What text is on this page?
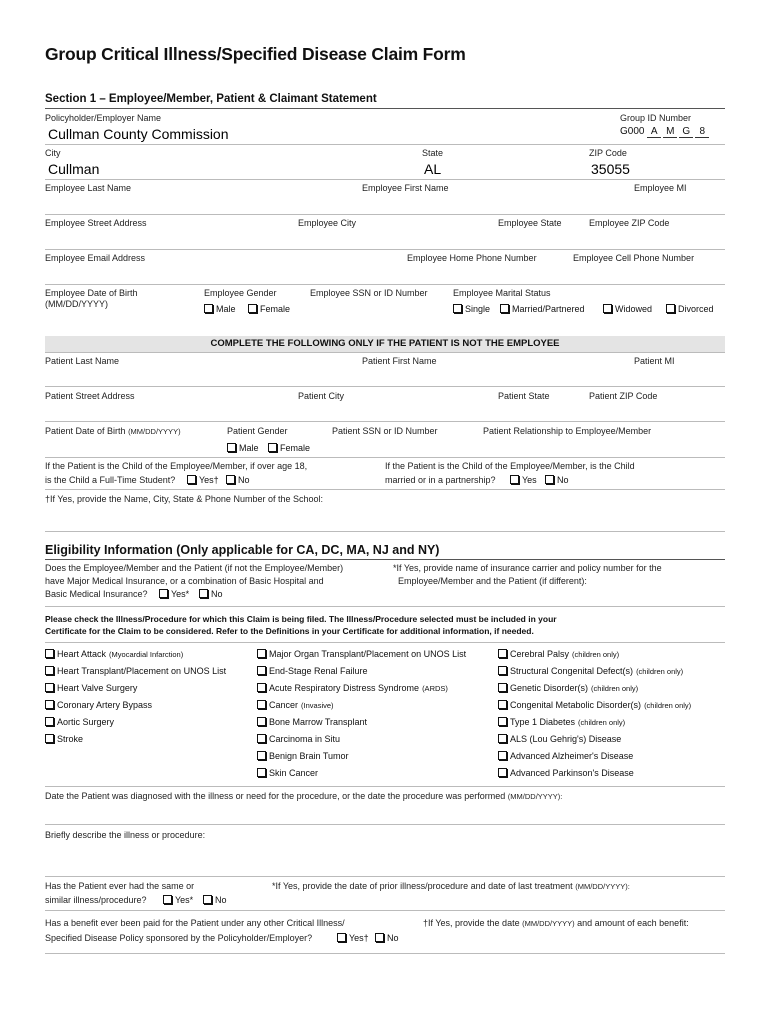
Group Critical Illness/Specified Disease Claim Form
Section 1 – Employee/Member, Patient & Claimant Statement
Policyholder/Employer Name	Group ID Number
Cullman County Commission	G000 A M G 8
City	State	ZIP Code
Cullman	AL	35055
Employee Last Name	Employee First Name	Employee MI
Employee Street Address	Employee City	Employee State	Employee ZIP Code
Employee Email Address	Employee Home Phone Number	Employee Cell Phone Number
Employee Date of Birth
(MM/DD/YYYY)
Employee Gender	Employee SSN or ID Number	Employee Marital Status
Male	Female	Single	Married/Partnered	Widowed	Divorced
COMPLETE THE FOLLOWING ONLY IF THE PATIENT IS NOT THE EMPLOYEE
Patient Last Name	Patient First Name	Patient MI
Patient Street Address	Patient City	Patient State	Patient ZIP Code
Patient Date of Birth (MM/DD/YYYY)	Patient Gender	Patient SSN or ID Number	Patient Relationship to Employee/Member
Male	Female
If the Patient is the Child of the Employee/Member, if over age 18,
is the Child a Full-Time Student?	Yes†	No
If the Patient is the Child of the Employee/Member, is the Child
married or in a partnership?	Yes	No
†If Yes, provide the Name, City, State & Phone Number of the School:
Eligibility Information (Only applicable for CA, DC, MA, NJ and NY)
Does the Employee/Member and the Patient (if not the Employee/Member)
have Major Medical Insurance, or a combination of Basic Hospital and
Basic Medical Insurance?	Yes*	No
*If Yes, provide name of insurance carrier and policy number for the
Employee/Member and the Patient (if different):
Please check the Illness/Procedure for which this Claim is being filed. The Illness/Procedure selected must be included in your
Certificate for the Claim to be considered. Refer to the Definitions in your Certificate for additional information, if needed.
Heart Attack (Myocardial Infarction)
Heart Transplant/Placement on UNOS List
Heart Valve Surgery
Coronary Artery Bypass
Aortic Surgery
Stroke
Major Organ Transplant/Placement on UNOS List
End-Stage Renal Failure
Acute Respiratory Distress Syndrome (ARDS)
Cancer (Invasive)
Bone Marrow Transplant
Carcinoma in Situ
Benign Brain Tumor
Skin Cancer
Cerebral Palsy (children only)
Structural Congenital Defect(s) (children only)
Genetic Disorder(s) (children only)
Congenital Metabolic Disorder(s) (children only)
Type 1 Diabetes (children only)
ALS (Lou Gehrig's) Disease
Advanced Alzheimer's Disease
Advanced Parkinson's Disease
Date the Patient was diagnosed with the illness or need for the procedure, or the date the procedure was performed (MM/DD/YYYY):
Briefly describe the illness or procedure:
Has the Patient ever had the same or
similar illness/procedure?	Yes*	No
*If Yes, provide the date of prior illness/procedure and date of last treatment (MM/DD/YYYY):
Has a benefit ever been paid for the Patient under any other Critical Illness/
Specified Disease Policy sponsored by the Policyholder/Employer?	Yes†	No
†If Yes, provide the date (MM/DD/YYYY) and amount of each benefit:
